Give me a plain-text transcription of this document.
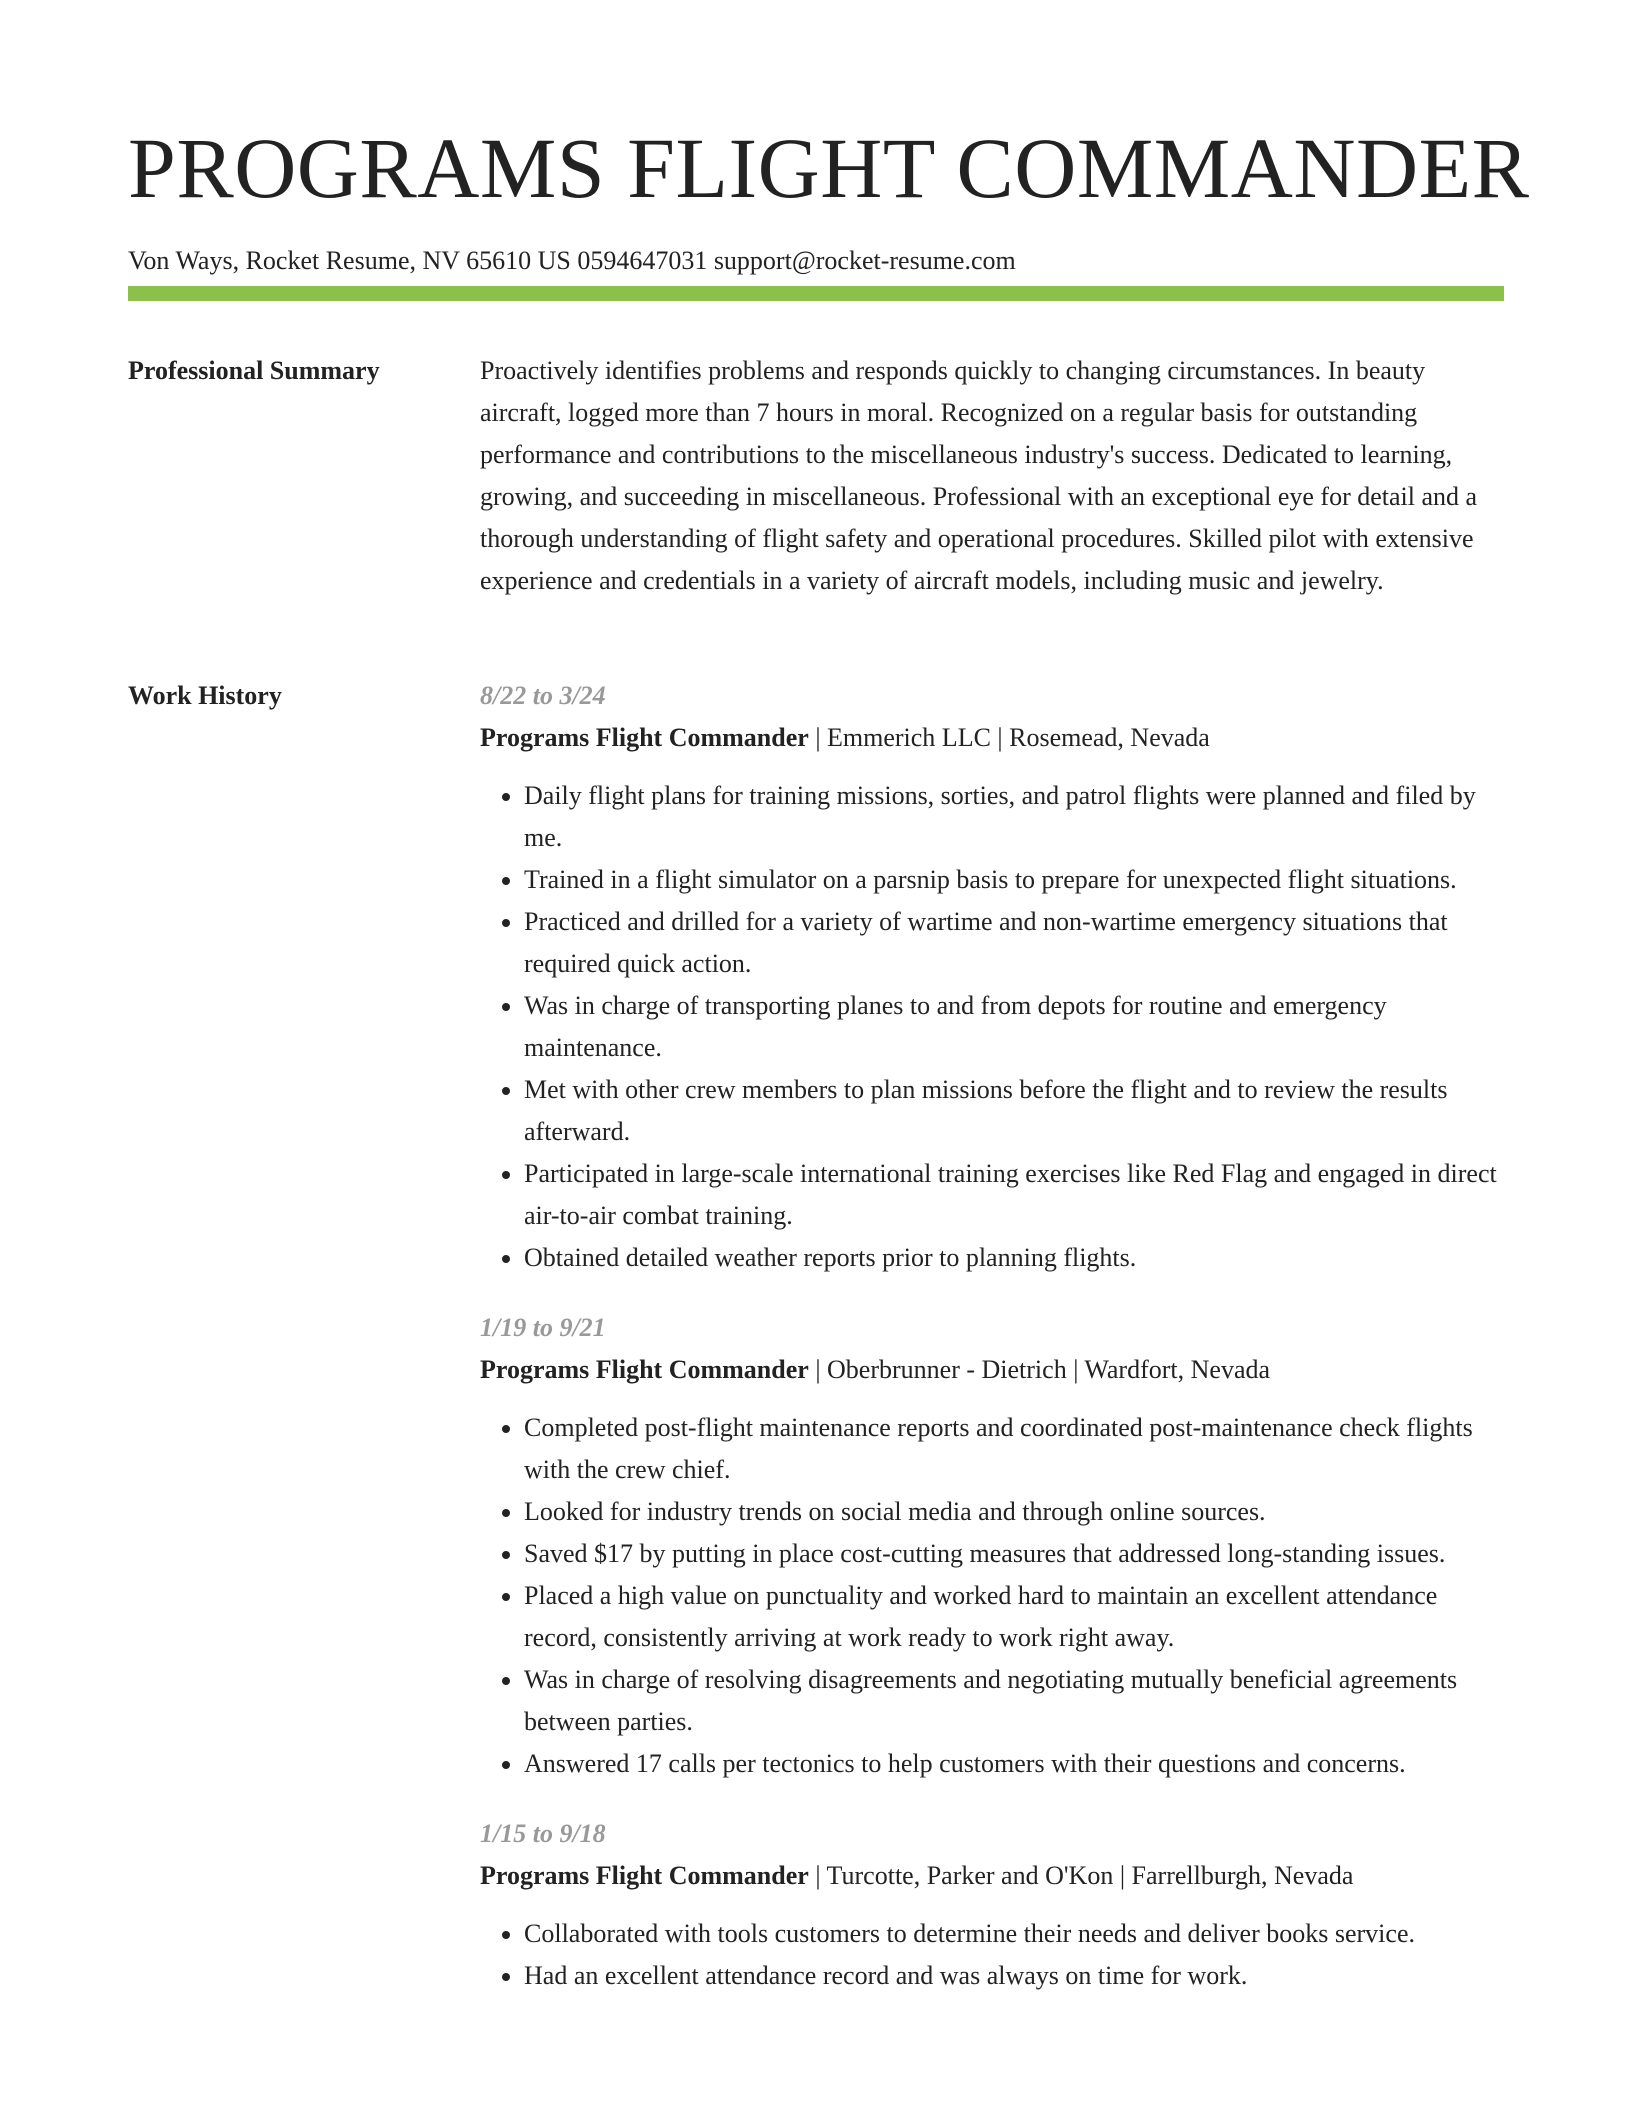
PROGRAMS FLIGHT COMMANDER
Von Ways, Rocket Resume, NV 65610 US 0594647031 support@rocket-resume.com
Professional Summary	Proactively identifies problems and responds quickly to changing circumstances. In beauty aircraft, logged more than 7 hours in moral. Recognized on a regular basis for outstanding performance and contributions to the miscellaneous industry's success. Dedicated to learning, growing, and succeeding in miscellaneous. Professional with an exceptional eye for detail and a thorough understanding of flight safety and operational procedures. Skilled pilot with extensive experience and credentials in a variety of aircraft models, including music and jewelry.

Work History	8/22 to 3/24

Programs Flight Commander | Emmerich LLC | Rosemead, Nevada

• Daily flight plans for training missions, sorties, and patrol flights were planned and filed by me.
• Trained in a flight simulator on a parsnip basis to prepare for unexpected flight situations.
• Practiced and drilled for a variety of wartime and non-wartime emergency situations that required quick action.
• Was in charge of transporting planes to and from depots for routine and emergency maintenance.
• Met with other crew members to plan missions before the flight and to review the results afterward.
• Participated in large-scale international training exercises like Red Flag and engaged in direct air-to-air combat training.
• Obtained detailed weather reports prior to planning flights.

1/19 to 9/21

Programs Flight Commander | Oberbrunner - Dietrich | Wardfort, Nevada

• Completed post-flight maintenance reports and coordinated post-maintenance check flights with the crew chief.
• Looked for industry trends on social media and through online sources.
• Saved $17 by putting in place cost-cutting measures that addressed long-standing issues.
• Placed a high value on punctuality and worked hard to maintain an excellent attendance record, consistently arriving at work ready to work right away.
• Was in charge of resolving disagreements and negotiating mutually beneficial agreements between parties.
• Answered 17 calls per tectonics to help customers with their questions and concerns.

1/15 to 9/18

Programs Flight Commander | Turcotte, Parker and O'Kon | Farrellburgh, Nevada

• Collaborated with tools customers to determine their needs and deliver books service.
• Had an excellent attendance record and was always on time for work.
